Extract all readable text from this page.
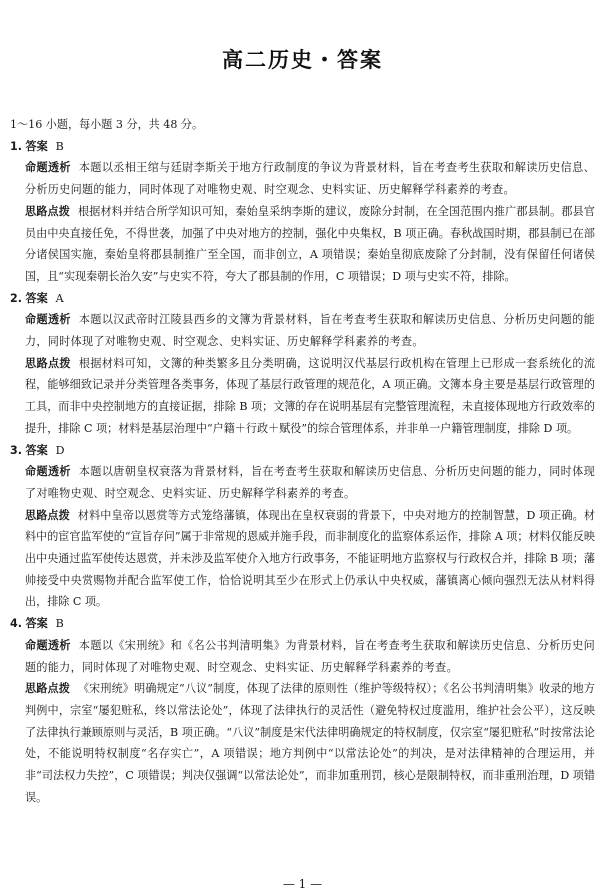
高二历史・答案

1～16 小题，每小题 3 分，共 48 分。

1. 答案 B

命题透析 本题以丞相王绾与廷尉李斯关于地方行政制度的争议为背景材料，旨在考查考生获取和解读历史信息、分析历史问题的能力，同时体现了对唯物史观、时空观念、史料实证、历史解释学科素养的考查。

思路点拨 根据材料并结合所学知识可知，秦始皇采纳李斯的建议，废除分封制，在全国范围内推广郡县制。郡县官员由中央直接任免，不得世袭，加强了中央对地方的控制，强化中央集权，B 项正确。春秋战国时期，郡县制已在部分诸侯国实施，秦始皇将郡县制推广至全国，而非创立，A 项错误；秦始皇彻底废除了分封制，没有保留任何诸侯国，且“实现秦朝长治久安”与史实不符，夸大了郡县制的作用，C 项错误；D 项与史实不符，排除。

2. 答案 A

命题透析 本题以汉武帝时江陵县西乡的文簿为背景材料，旨在考查考生获取和解读历史信息、分析历史问题的能力，同时体现了对唯物史观、时空观念、史料实证、历史解释学科素养的考查。

思路点拨 根据材料可知，文簿的种类繁多且分类明确，这说明汉代基层行政机构在管理上已形成一套系统化的流程，能够细致记录并分类管理各类事务，体现了基层行政管理的规范化，A 项正确。文簿本身主要是基层行政管理的工具，而非中央控制地方的直接证据，排除 B 项；文簿的存在说明基层有完整管理流程，未直接体现地方行政效率的提升，排除 C 项；材料是基层治理中“户籍＋行政＋赋役”的综合管理体系，并非单一户籍管理制度，排除 D 项。

3. 答案 D

命题透析 本题以唐朝皇权衰落为背景材料，旨在考查考生获取和解读历史信息、分析历史问题的能力，同时体现了对唯物史观、时空观念、史料实证、历史解释学科素养的考查。

思路点拨 材料中皇帝以恩赏等方式笼络藩镇，体现出在皇权衰弱的背景下，中央对地方的控制智慧，D 项正确。材料中的宦官监军使的“宣旨存问”属于非常规的恩威并施手段，而非制度化的监察体系运作，排除 A 项；材料仅能反映出中央通过监军使传达恩赏，并未涉及监军使介入地方行政事务，不能证明地方监察权与行政权合并，排除 B 项；藩帅接受中央赏赐物并配合监军使工作，恰恰说明其至少在形式上仍承认中央权威，藩镇离心倾向强烈无法从材料得出，排除 C 项。

4. 答案 B

命题透析 本题以《宋刑统》和《名公书判清明集》为背景材料，旨在考查考生获取和解读历史信息、分析历史问题的能力，同时体现了对唯物史观、时空观念、史料实证、历史解释学科素养的考查。

思路点拨 《宋刑统》明确规定“八议”制度，体现了法律的原则性（维护等级特权）；《名公书判清明集》收录的地方判例中，宗室“屡犯赃私，终以常法论处”，体现了法律执行的灵活性（避免特权过度滥用，维护社会公平），这反映了法律执行兼顾原则与灵活，B 项正确。“八议”制度是宋代法律明确规定的特权制度，仅宗室“屡犯赃私”时按常法论处，不能说明特权制度“名存实亡”，A 项错误；地方判例中“以常法论处”的判决，是对法律精神的合理运用，并非“司法权力失控”，C 项错误；判决仅强调“以常法论处”，而非加重刑罚，核心是限制特权，而非重刑治理，D 项错误。

— 1 —
